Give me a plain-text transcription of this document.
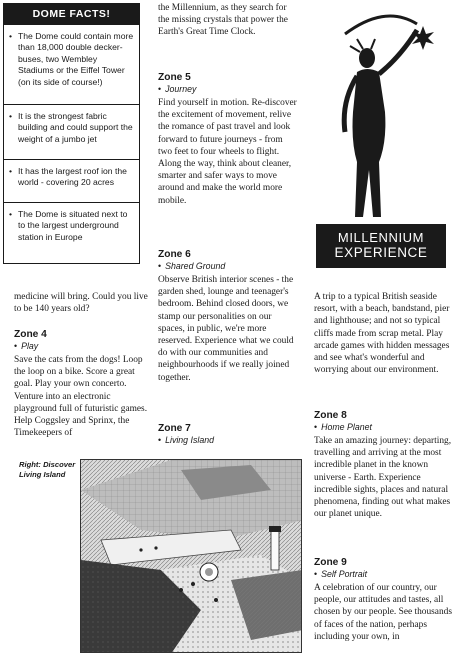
DOME FACTS!
• The Dome could contain more than 18,000 double decker-buses, two Wembley Stadiums or the Eiffel Tower (on its side of course!)
• It is the strongest fabric building and could support the weight of a jumbo jet
• It has the largest roof ion the world - covering 20 acres
• The Dome is situated next to to the largest underground station in Europe
medicine will bring. Could you live to be 140 years old?
Zone 4
• Play

Save the cats from the dogs! Loop the loop on a bike. Score a great goal. Play your own concerto. Venture into an electronic playground full of futuristic games. Help Coggsley and Sprinx, the Timekeepers of

the Millennium, as they search for the missing crystals that power the Earth's Great Time Clock.
Zone 5
• Journey

Find yourself in motion. Re-discover the excitement of movement, relive the romance of past travel and look forward to future journeys - from two feet to four wheels to flight. Along the way, think about cleaner, smarter and safer ways to move around and make the world more mobile.

Zone 6
• Shared Ground

Observe British interior scenes - the garden shed, lounge and teenager's bedroom. Behind closed doors, we stamp our personalities on our spaces, in public, we're more reserved. Experience what we could do with our communities and neighbourhoods if we really joined together.

Zone 7
• Living Island
MILLENNIUM
EXPERIENCE
A trip to a typical British seaside resort, with a beach, bandstand, pier and lighthouse; and not so typical cliffs made from scrap metal. Play arcade games with hidden messages and see what's wonderful and worrying about our environment.
Zone 8
• Home Planet

Take an amazing journey: departing, travelling and arriving at the most incredible planet in the known universe - Earth. Experience incredible sights, places and natural phenomena, finding out what makes our planet unique.

Zone 9
• Self Portrait

A celebration of our country, our people, our attitudes and tastes, all chosen by our people. See thousands of faces of the nation, perhaps including your own, in

Right: Discover Living Island
